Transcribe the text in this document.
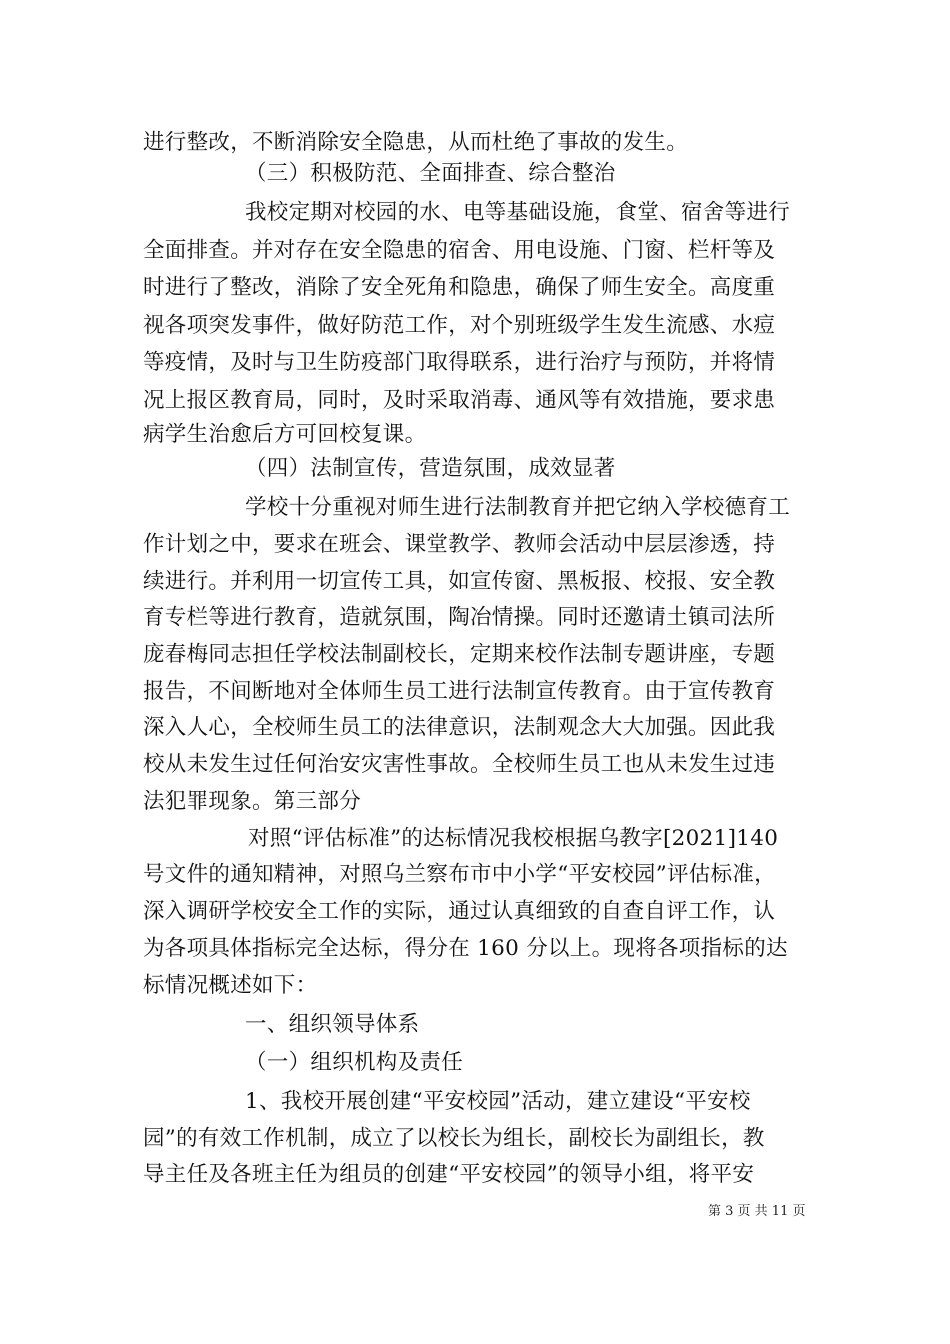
进行整改，不断消除安全隐患，从而杜绝了事故的发生。
（三）积极防范、全面排查、综合整治
我校定期对校园的水、电等基础设施，食堂、宿舍等进行
全面排查。并对存在安全隐患的宿舍、用电设施、门窗、栏杆等及
时进行了整改，消除了安全死角和隐患，确保了师生安全。高度重
视各项突发事件，做好防范工作，对个别班级学生发生流感、水痘
等疫情，及时与卫生防疫部门取得联系，进行治疗与预防，并将情
况上报区教育局，同时，及时采取消毒、通风等有效措施，要求患
病学生治愈后方可回校复课。
（四）法制宣传，营造氛围，成效显著
学校十分重视对师生进行法制教育并把它纳入学校德育工
作计划之中，要求在班会、课堂教学、教师会活动中层层渗透，持
续进行。并利用一切宣传工具，如宣传窗、黑板报、校报、安全教
育专栏等进行教育，造就氛围，陶冶情操。同时还邀请土镇司法所
庞春梅同志担任学校法制副校长，定期来校作法制专题讲座，专题
报告，不间断地对全体师生员工进行法制宣传教育。由于宣传教育
深入人心，全校师生员工的法律意识，法制观念大大加强。因此我
校从未发生过任何治安灾害性事故。全校师生员工也从未发生过违
法犯罪现象。第三部分
对照“评估标准”的达标情况我校根据乌教字[2021]140
号文件的通知精神，对照乌兰察布市中小学“平安校园”评估标准，
深入调研学校安全工作的实际，通过认真细致的自查自评工作，认
为各项具体指标完全达标，得分在 160 分以上。现将各项指标的达
标情况概述如下：
一、组织领导体系
（一）组织机构及责任
1、我校开展创建“平安校园”活动，建立建设“平安校
园”的有效工作机制，成立了以校长为组长，副校长为副组长，教
导主任及各班主任为组员的创建“平安校园”的领导小组，将平安
第 3 页 共 11 页
